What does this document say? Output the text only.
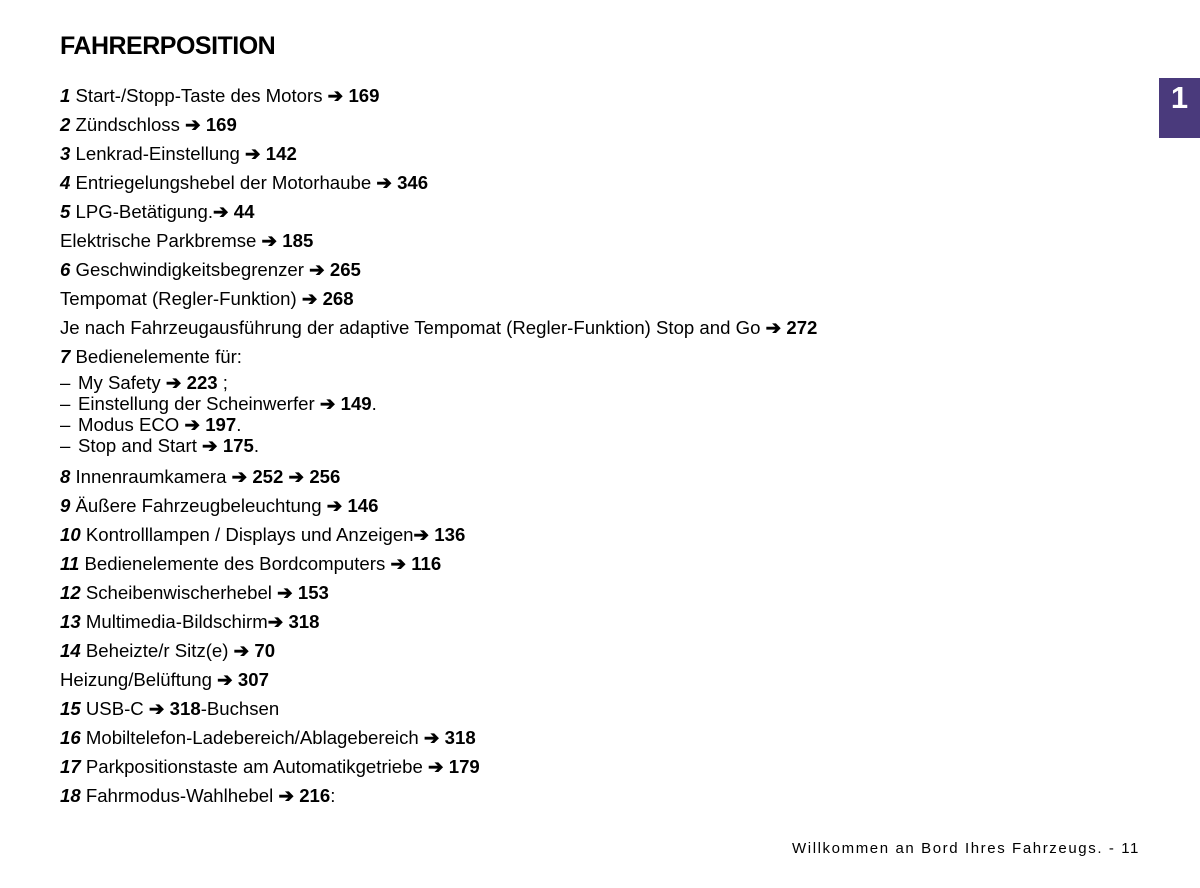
FAHRERPOSITION
1
1 Start-/Stopp-Taste des Motors ➔ 169
2 Zündschloss ➔ 169
3 Lenkrad-Einstellung ➔ 142
4 Entriegelungshebel der Motorhaube ➔ 346
5 LPG-Betätigung.➔ 44
Elektrische Parkbremse ➔ 185
6 Geschwindigkeitsbegrenzer ➔ 265
Tempomat (Regler-Funktion) ➔ 268
Je nach Fahrzeugausführung der adaptive Tempomat (Regler-Funktion) Stop and Go ➔ 272
7 Bedienelemente für:
– My Safety ➔ 223 ;
– Einstellung der Scheinwerfer ➔ 149.
– Modus ECO ➔ 197.
– Stop and Start ➔ 175.
8 Innenraumkamera ➔ 252 ➔ 256
9 Äußere Fahrzeugbeleuchtung ➔ 146
10 Kontrolllampen / Displays und Anzeigen➔ 136
11 Bedienelemente des Bordcomputers ➔ 116
12 Scheibenwischerhebel ➔ 153
13 Multimedia-Bildschirm➔ 318
14 Beheizte/r Sitz(e) ➔ 70
Heizung/Belüftung ➔ 307
15 USB-C ➔ 318-Buchsen
16 Mobiltelefon-Ladebereich/Ablagebereich ➔ 318
17 Parkpositionstaste am Automatikgetriebe ➔ 179
18 Fahrmodus-Wahlhebel ➔ 216:
Willkommen an Bord Ihres Fahrzeugs. - 11
